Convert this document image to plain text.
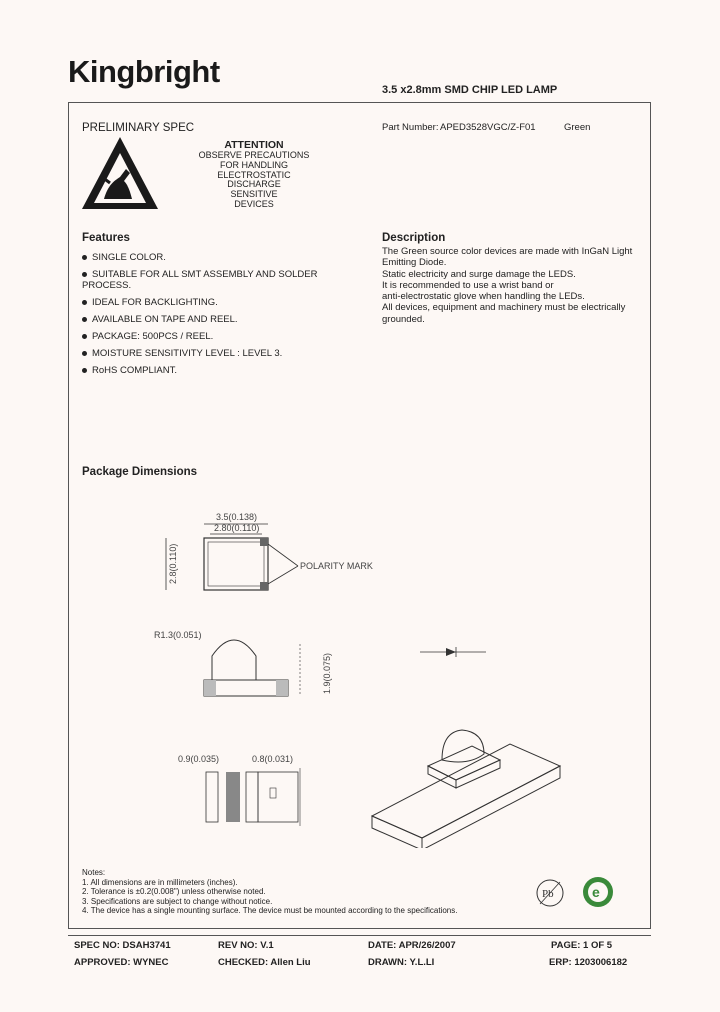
Kingbright
3.5 x2.8mm SMD CHIP LED LAMP
PRELIMINARY SPEC	Part Number: APED3528VGC/Z-F01	Green
ATTENTION
OBSERVE PRECAUTIONS
FOR HANDLING
ELECTROSTATIC
DISCHARGE
SENSITIVE
DEVICES
Features
SINGLE COLOR.
SUITABLE FOR ALL SMT ASSEMBLY AND SOLDER
PROCESS.
IDEAL FOR BACKLIGHTING.
AVAILABLE ON TAPE AND REEL.
PACKAGE: 500PCS / REEL.
MOISTURE SENSITIVITY LEVEL : LEVEL 3.
RoHS COMPLIANT.
Description
The Green source color devices are made with InGaN Light
Emitting Diode.
Static electricity and surge damage the LEDS.
It is recommended to use a wrist band or
anti-electrostatic glove when handling the LEDs.
All devices, equipment and machinery must be electrically
grounded.
Package Dimensions
3.5(0.138)
2.80(0.110)
2.8(0.110)	POLARITY MARK
R1.3(0.051)
1.9(0.075)
0.9(0.035)	0.8(0.031)
Notes:
1. All dimensions are in millimeters (inches).
2. Tolerance is ±0.2(0.008") unless otherwise noted.
3. Specifications are subject to change without notice.
4. The device has a single mounting surface. The device must be mounted according to the specifications.
Pb	e
SPEC NO: DSAH3741	REV NO: V.1	DATE: APR/26/2007	PAGE: 1 OF 5
APPROVED: WYNEC	CHECKED: Allen Liu	DRAWN: Y.L.LI	ERP: 1203006182
